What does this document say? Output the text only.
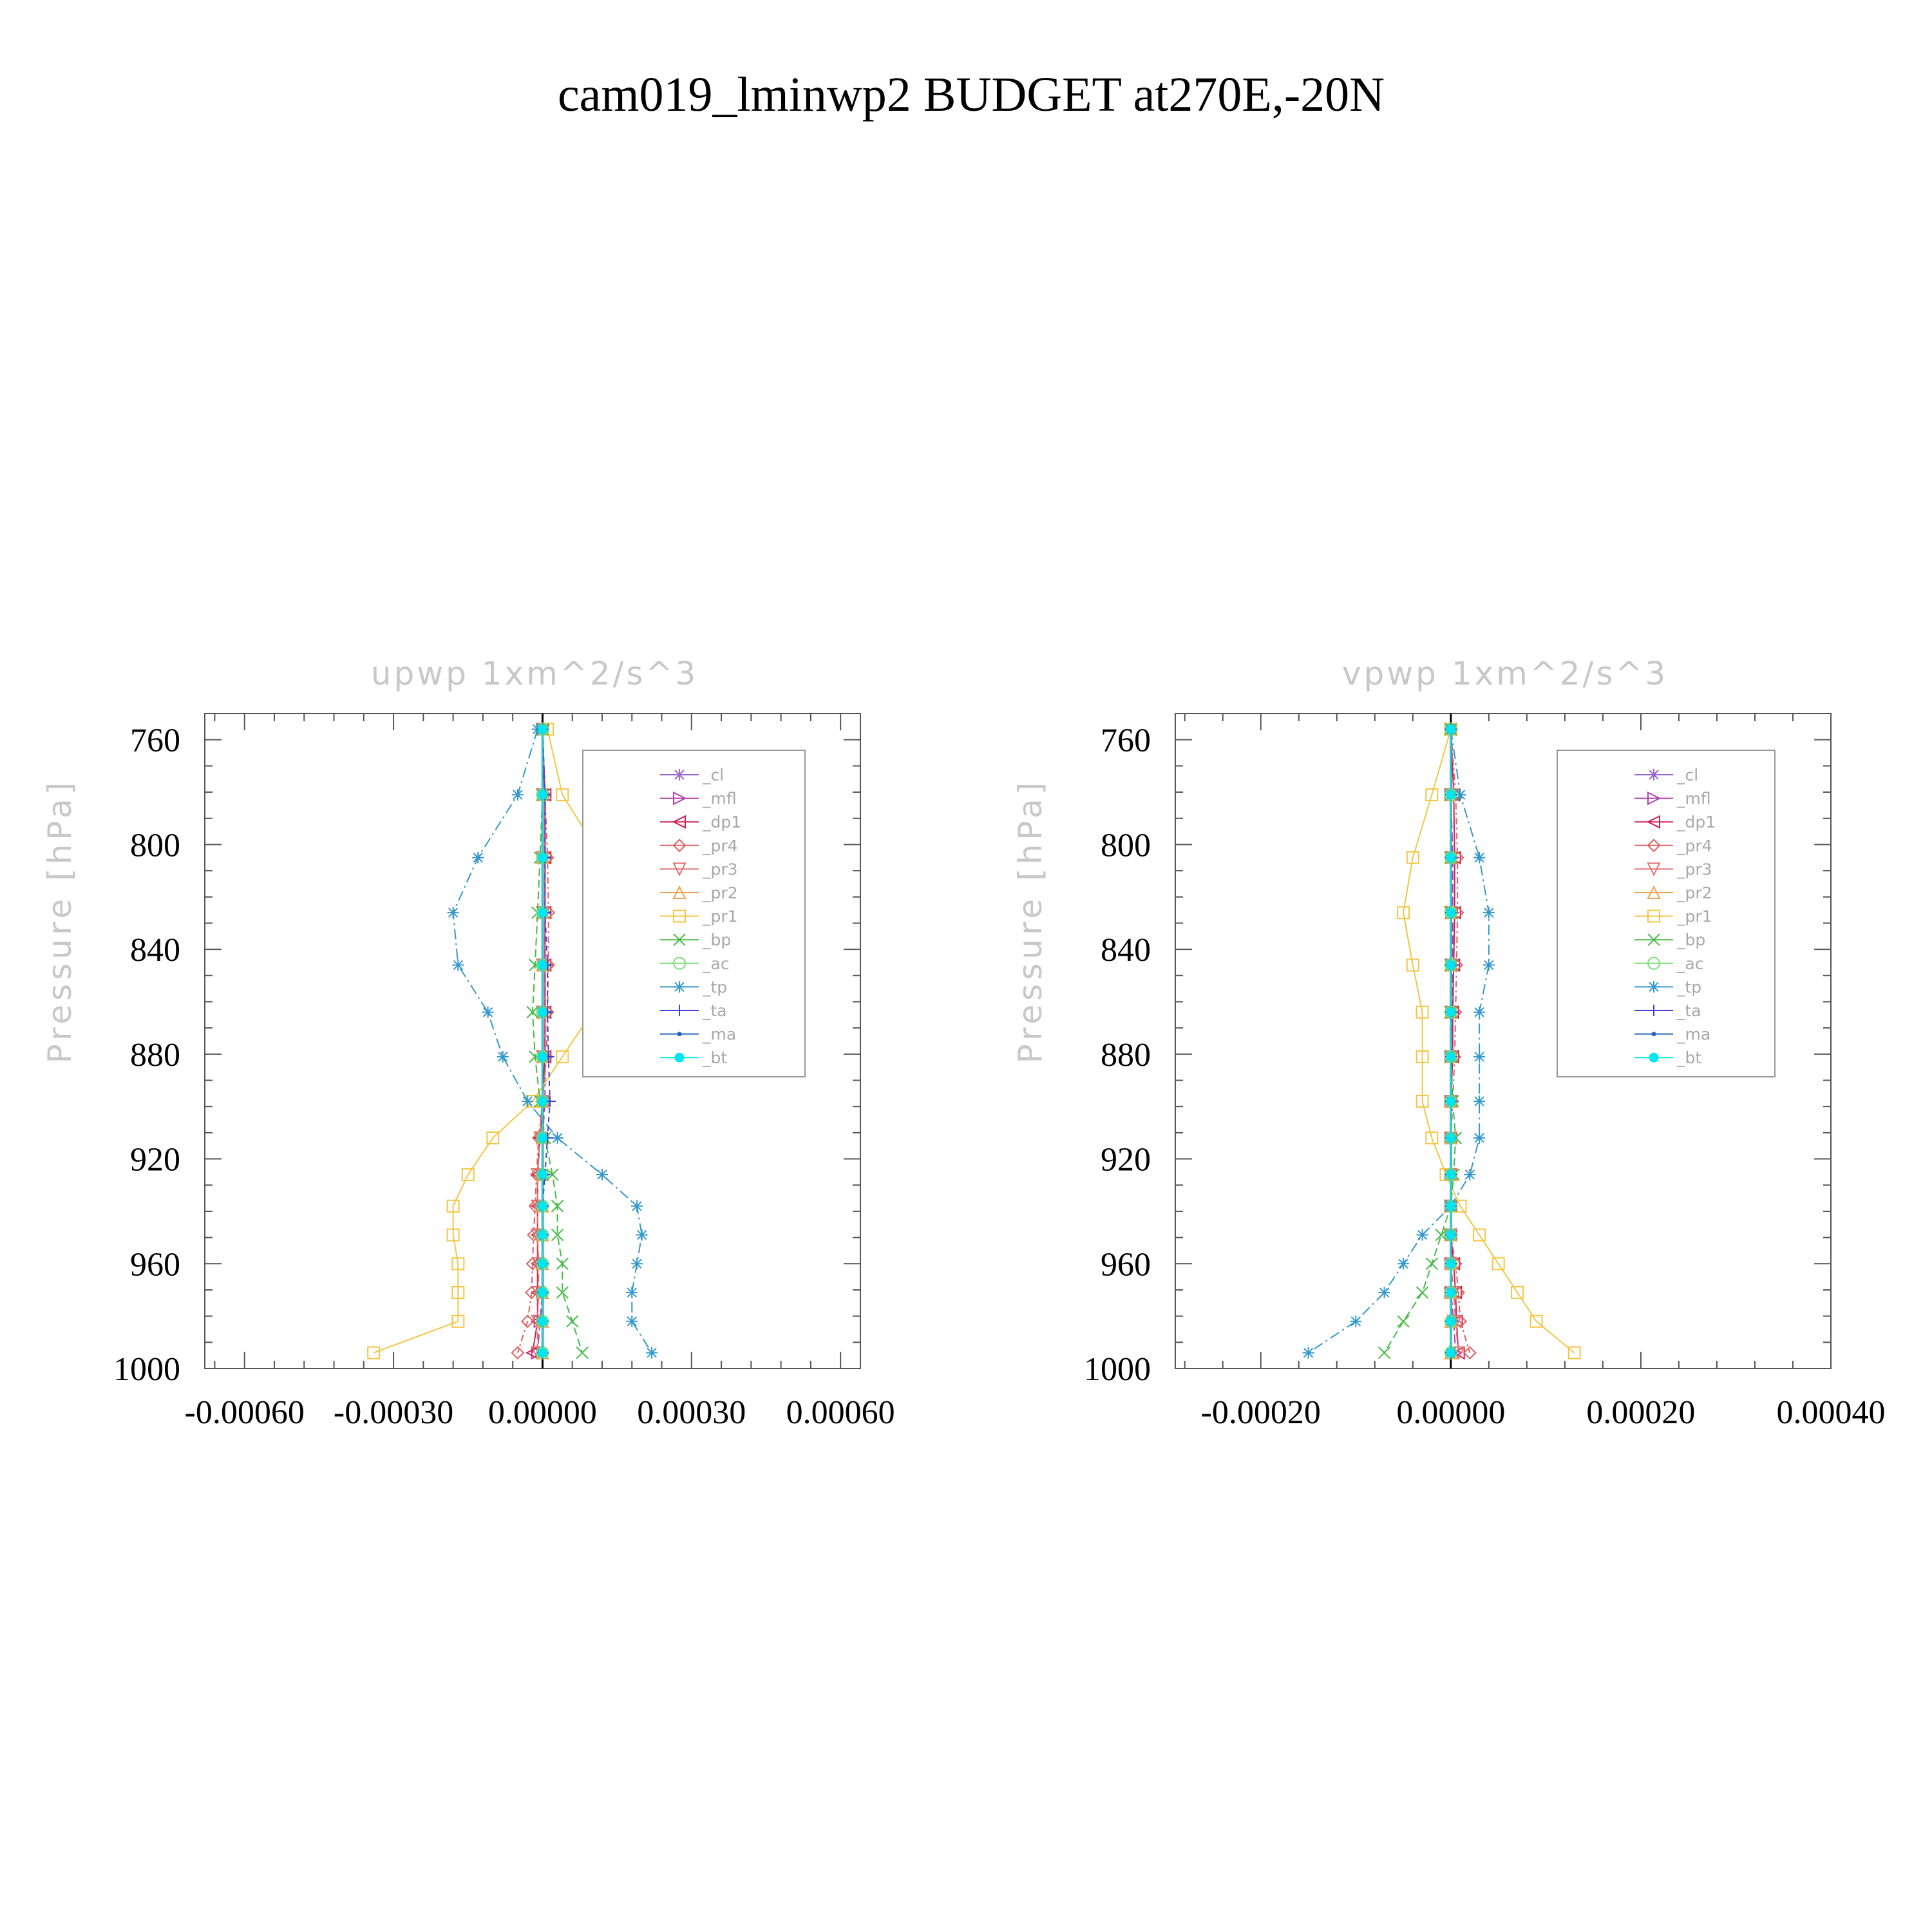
cam019_lminwp2 BUDGET at270E,-20N
upwp 1xm^2/s^3
Pressure [hPa]
760
800
840
880
920
960
1000
-0.00060 -0.00030 0.00000 0.00030 0.00060
_cl
_mfl
_dp1
_pr4
_pr3
_pr2
_pr1
_bp
_ac
_tp
_ta
_ma
_bt
vpwp 1xm^2/s^3
Pressure [hPa]
760
800
840
880
920
960
1000
-0.00020 0.00000 0.00020 0.00040
_cl
_mfl
_dp1
_pr4
_pr3
_pr2
_pr1
_bp
_ac
_tp
_ta
_ma
_bt
